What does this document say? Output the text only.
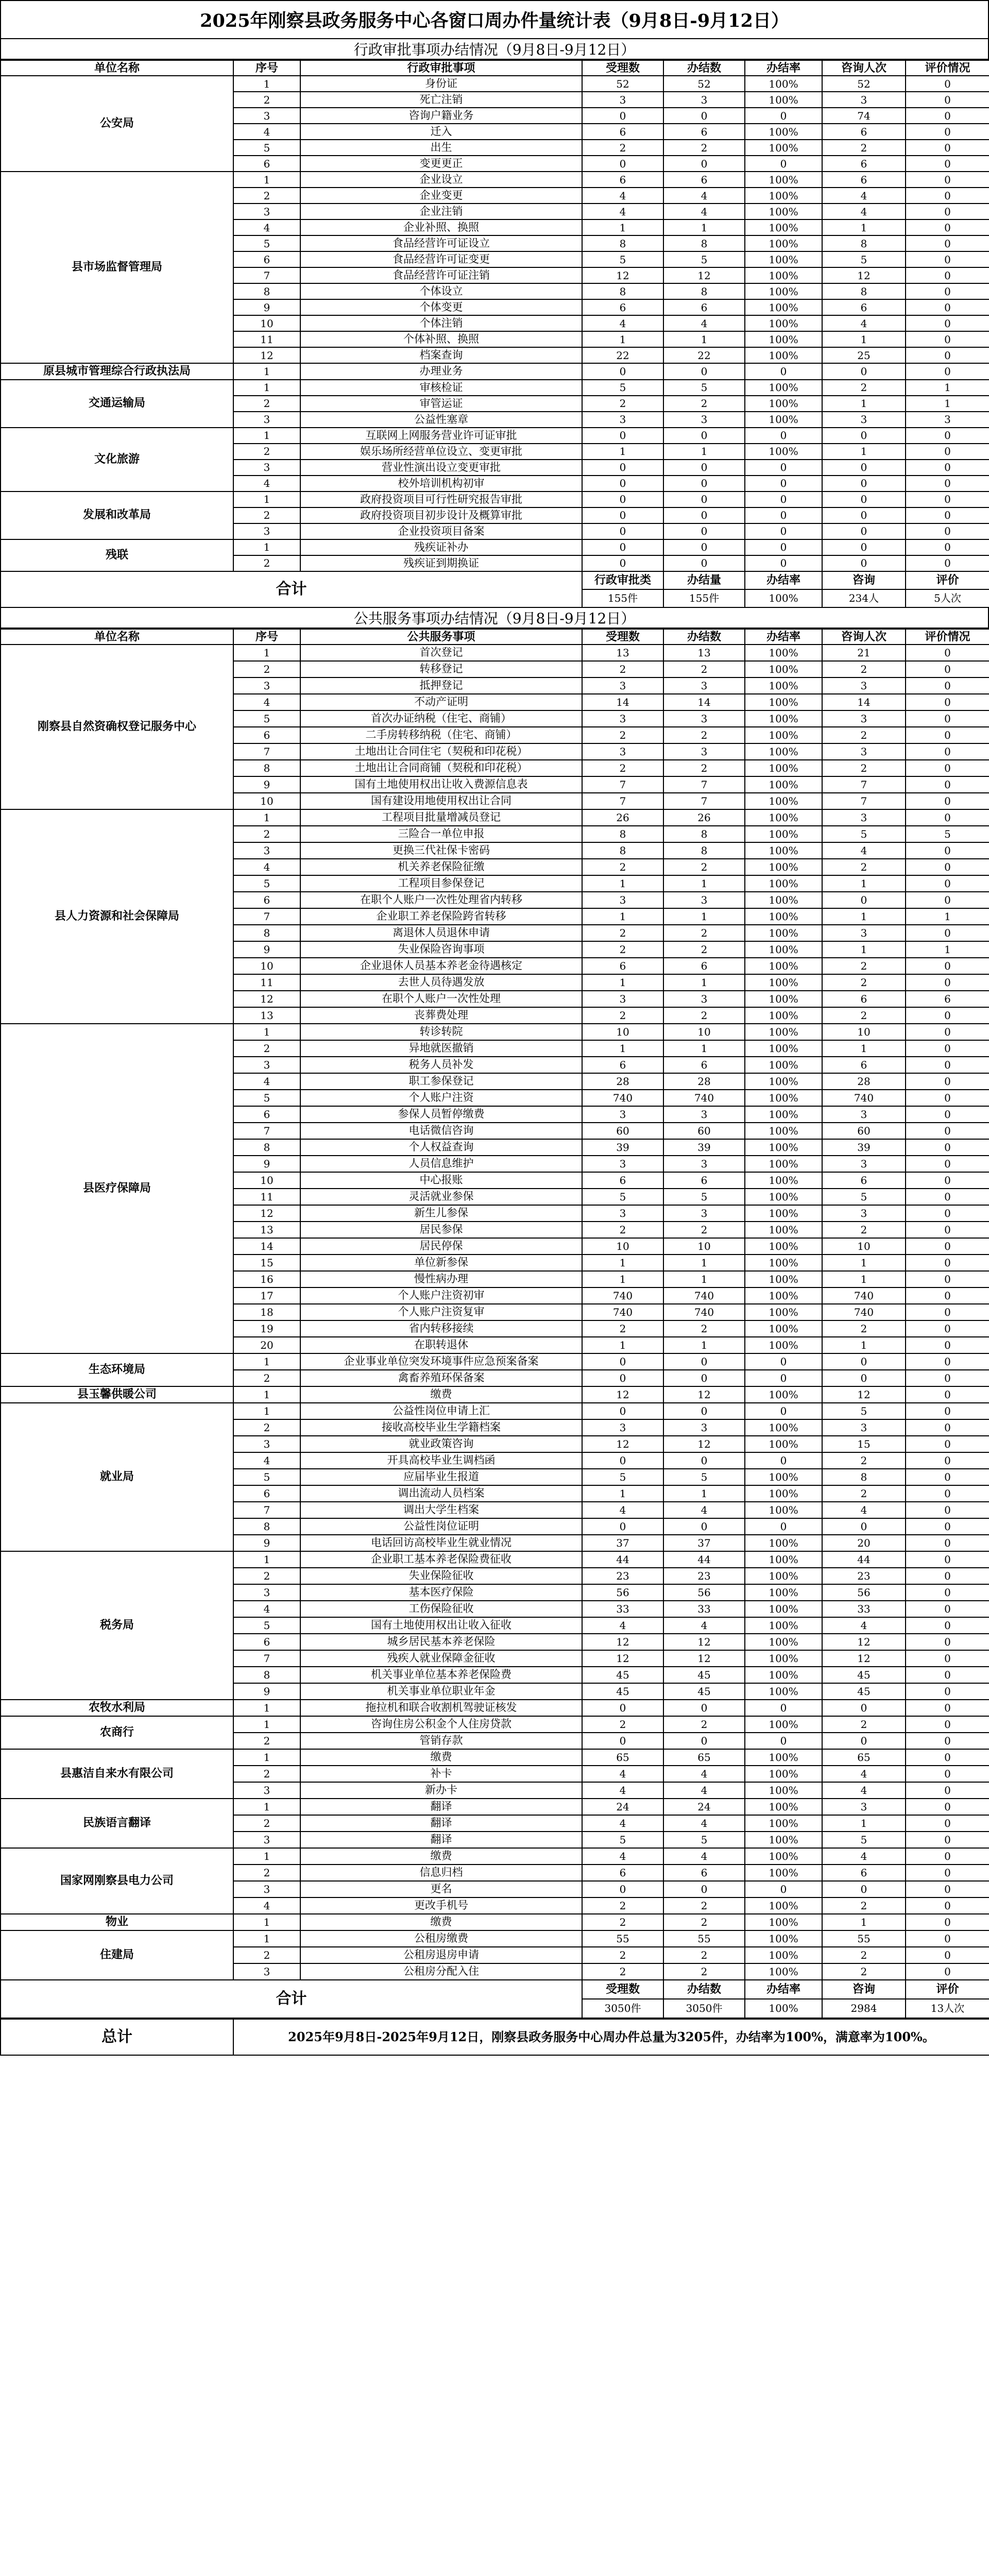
2025年刚察县政务服务中心各窗口周办件量统计表（9月8日-9月12日）
行政审批事项办结情况（9月8日-9月12日）
单位名称	序号	行政审批事项	受理数	办结数	办结率	咨询人次	评价情况
公安局	1	身份证	52	52	100%	52	0
	2	死亡注销	3	3	100%	3	0
	3	咨询户籍业务	0	0	0	74	0
	4	迁入	6	6	100%	6	0
	5	出生	2	2	100%	2	0
	6	变更更正	0	0	0	6	0
县市场监督管理局	1	企业设立	6	6	100%	6	0
	2	企业变更	4	4	100%	4	0
	3	企业注销	4	4	100%	4	0
	4	企业补照、换照	1	1	100%	1	0
	5	食品经营许可证设立	8	8	100%	8	0
	6	食品经营许可证变更	5	5	100%	5	0
	7	食品经营许可证注销	12	12	100%	12	0
	8	个体设立	8	8	100%	8	0
	9	个体变更	6	6	100%	6	0
	10	个体注销	4	4	100%	4	0
	11	个体补照、换照	1	1	100%	1	0
	12	档案查询	22	22	100%	25	0
原县城市管理综合行政执法局	1	办理业务	0	0	0	0	0
交通运输局	1	审核检证	5	5	100%	2	1
	2	审管运证	2	2	100%	1	1
	3	公益性塞章	3	3	100%	3	3
文化旅游	1	互联网上网服务营业许可证审批	0	0	0	0	0
	2	娱乐场所经营单位设立、变更审批	1	1	100%	1	0
	3	营业性演出设立变更审批	0	0	0	0	0
	4	校外培训机构初审	0	0	0	0	0
发展和改革局	1	政府投资项目可行性研究报告审批	0	0	0	0	0
	2	政府投资项目初步设计及概算审批	0	0	0	0	0
	3	企业投资项目备案	0	0	0	0	0
残联	1	残疾证补办	0	0	0	0	0
	2	残疾证到期换证	0	0	0	0	0
合计			行政审批类	办结量	办结率	咨询	评价
			155件	155件	100%	234人	5人次
公共服务事项办结情况（9月8日-9月12日）
单位名称	序号	公共服务事项	受理数	办结数	办结率	咨询人次	评价情况
刚察县自然资确权登记服务中心	1	首次登记	13	13	100%	21	0
	2	转移登记	2	2	100%	2	0
	3	抵押登记	3	3	100%	3	0
	4	不动产证明	14	14	100%	14	0
	5	首次办证纳税（住宅、商铺）	3	3	100%	3	0
	6	二手房转移纳税（住宅、商铺）	2	2	100%	2	0
	7	土地出让合同住宅（契税和印花税）	3	3	100%	3	0
	8	土地出让合同商铺（契税和印花税）	2	2	100%	2	0
	9	国有土地使用权出让收入费源信息表	7	7	100%	7	0
	10	国有建设用地使用权出让合同	7	7	100%	7	0
县人力资源和社会保障局	1	工程项目批量增减员登记	26	26	100%	3	0
	2	三险合一单位申报	8	8	100%	5	5
	3	更换三代社保卡密码	8	8	100%	4	0
	4	机关养老保险征缴	2	2	100%	2	0
	5	工程项目参保登记	1	1	100%	1	0
	6	在职个人账户一次性处理省内转移	3	3	100%	0	0
	7	企业职工养老保险跨省转移	1	1	100%	1	1
	8	离退休人员退休申请	2	2	100%	3	0
	9	失业保险咨询事项	2	2	100%	1	1
	10	企业退休人员基本养老金待遇核定	6	6	100%	2	0
	11	去世人员待遇发放	1	1	100%	2	0
	12	在职个人账户一次性处理	3	3	100%	6	6
	13	丧葬费处理	2	2	100%	2	0
县医疗保障局	1	转诊转院	10	10	100%	10	0
	2	异地就医撤销	1	1	100%	1	0
	3	税务人员补发	6	6	100%	6	0
	4	职工参保登记	28	28	100%	28	0
	5	个人账户注资	740	740	100%	740	0
	6	参保人员暂停缴费	3	3	100%	3	0
	7	电话微信咨询	60	60	100%	60	0
	8	个人权益查询	39	39	100%	39	0
	9	人员信息维护	3	3	100%	3	0
	10	中心报账	6	6	100%	6	0
	11	灵活就业参保	5	5	100%	5	0
	12	新生儿参保	3	3	100%	3	0
	13	居民参保	2	2	100%	2	0
	14	居民停保	10	10	100%	10	0
	15	单位新参保	1	1	100%	1	0
	16	慢性病办理	1	1	100%	1	0
	17	个人账户注资初审	740	740	100%	740	0
	18	个人账户注资复审	740	740	100%	740	0
	19	省内转移接续	2	2	100%	2	0
	20	在职转退休	1	1	100%	1	0
生态环境局	1	企业事业单位突发环境事件应急预案备案	0	0	0	0	0
	2	禽畜养殖环保备案	0	0	0	0	0
县玉馨供暖公司	1	缴费	12	12	100%	12	0
就业局	1	公益性岗位申请上汇	0	0	0	5	0
	2	接收高校毕业生学籍档案	3	3	100%	3	0
	3	就业政策咨询	12	12	100%	15	0
	4	开具高校毕业生调档函	0	0	0	2	0
	5	应届毕业生报道	5	5	100%	8	0
	6	调出流动人员档案	1	1	100%	2	0
	7	调出大学生档案	4	4	100%	4	0
	8	公益性岗位证明	0	0	0	0	0
	9	电话回访高校毕业生就业情况	37	37	100%	20	0
税务局	1	企业职工基本养老保险费征收	44	44	100%	44	0
	2	失业保险征收	23	23	100%	23	0
	3	基本医疗保险	56	56	100%	56	0
	4	工伤保险征收	33	33	100%	33	0
	5	国有土地使用权出让收入征收	4	4	100%	4	0
	6	城乡居民基本养老保险	12	12	100%	12	0
	7	残疾人就业保障金征收	12	12	100%	12	0
	8	机关事业单位基本养老保险费	45	45	100%	45	0
	9	机关事业单位职业年金	45	45	100%	45	0
农牧水利局	1	拖拉机和联合收割机驾驶证核发	0	0	0	0	0
农商行	1	咨询住房公积金个人住房贷款	2	2	100%	2	0
	2	管销存款	0	0	0	0	0
县惠洁自来水有限公司	1	缴费	65	65	100%	65	0
	2	补卡	4	4	100%	4	0
	3	新办卡	4	4	100%	4	0
民族语言翻译	1	翻译	24	24	100%	3	0
	2	翻译	4	4	100%	1	0
	3	翻译	5	5	100%	5	0
国家网刚察县电力公司	1	缴费	4	4	100%	4	0
	2	信息归档	6	6	100%	6	0
	3	更名	0	0	0	0	0
	4	更改手机号	2	2	100%	2	0
物业	1	缴费	2	2	100%	1	0
住建局	1	公租房缴费	55	55	100%	55	0
	2	公租房退房申请	2	2	100%	2	0
	3	公租房分配入住	2	2	100%	2	0
合计			受理数	办结数	办结率	咨询	评价
			3050件	3050件	100%	2984	13人次
总计	2025年9月8日-2025年9月12日，刚察县政务服务中心周办件总量为3205件，办结率为100%，满意率为100%。
